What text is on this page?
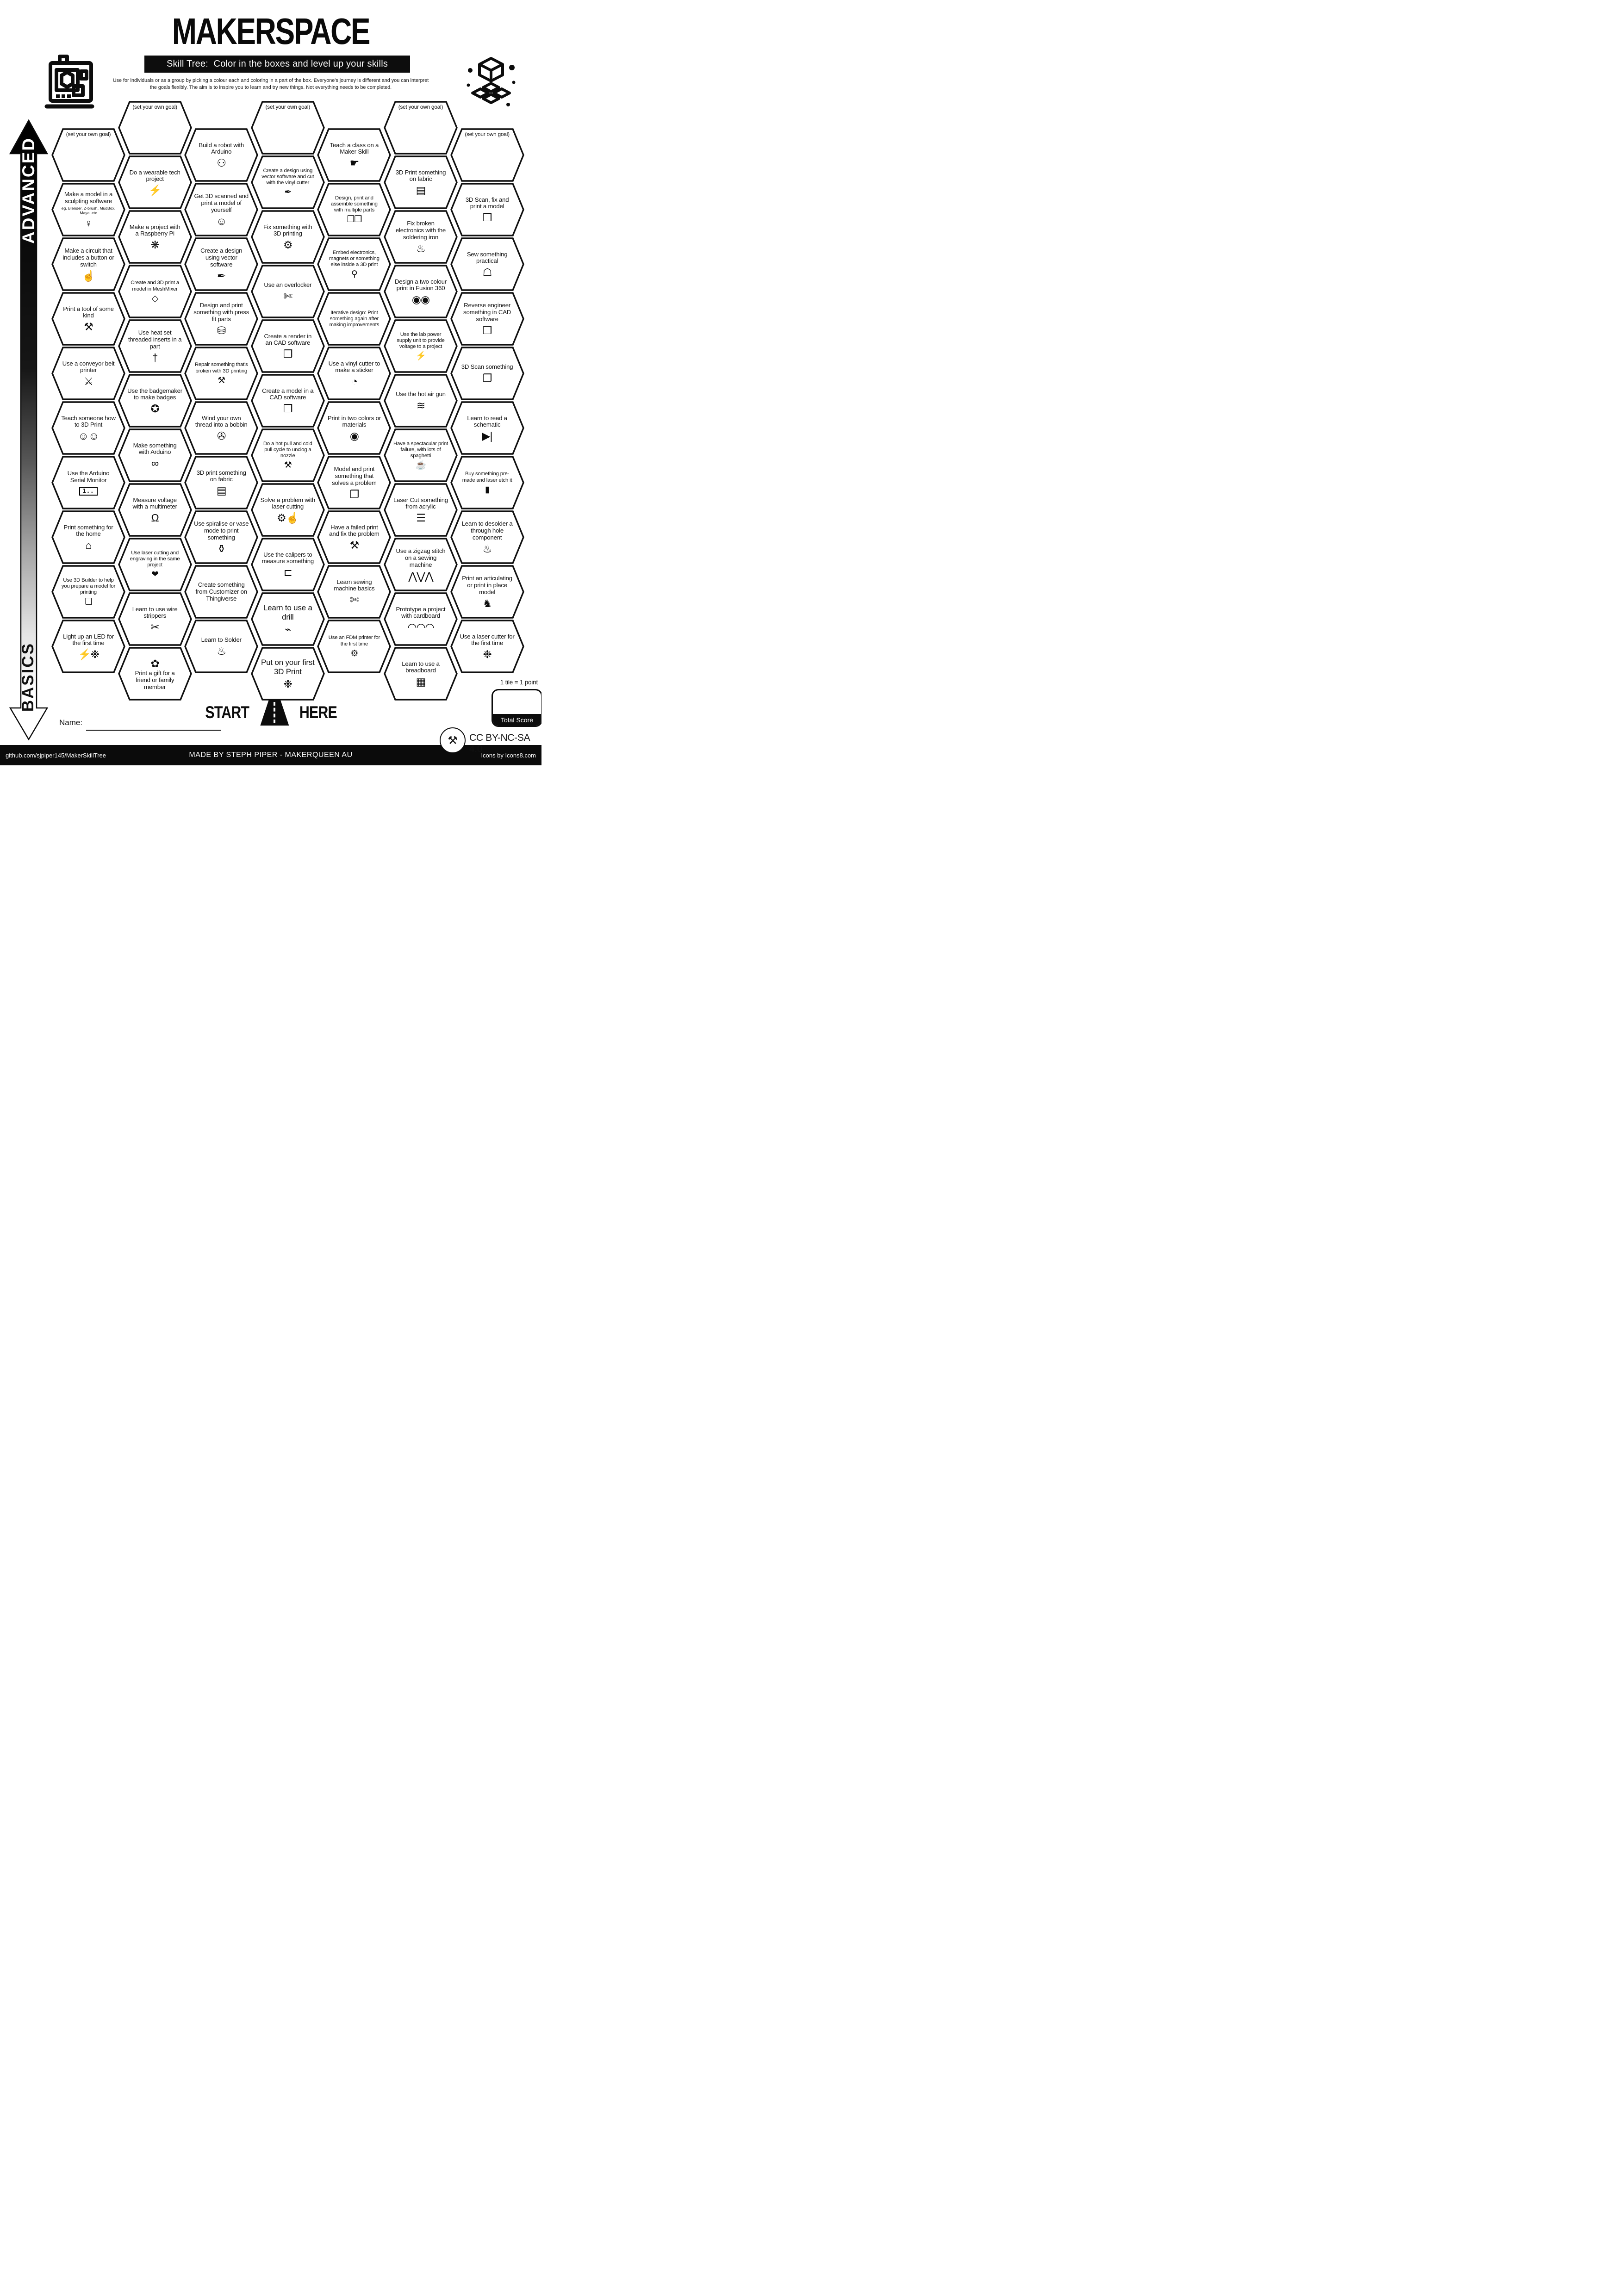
MAKERSPACE
Skill Tree:  Color in the boxes and level up your skills
Use for individuals or as a group by picking a colour each and coloring in a part of the box. Everyone's journey is different and you can interpret the goals flexibly. The aim is to inspire you to learn and try new things. Not everything needs to be completed.
ADVANCED
BASICS
(set your own goal)
Make a model in a sculpting software
eg. Blender, Z-brush, MudBox, Maya, etc
♀
Make a circuit that includes a button or switch
☝
Print a tool of some kind
⚒
Use a conveyor belt printer
⚔
Teach someone how to 3D Print
☺☺
Use the Arduino Serial Monitor
1..
Print something for the home
⌂
Use 3D Builder to help you prepare a model for printing
❏
Light up an LED for the first time
⚡❉
(set your own goal)
Do a wearable tech project
⚡
Make a project with a Raspberry Pi
❋
Create and 3D print a model in MeshMixer
◇
Use heat set threaded inserts in a part
†
Use the badgemaker to make badges
✪
Make something with Arduino
∞
Measure voltage with a multimeter
Ω
Use laser cutting and engraving in the same project
❤
Learn to use wire strippers
✂
✿
Print a gift for a friend or family member
Build a robot with Arduino
⚇
Get 3D scanned and print a model of yourself
☺
Create a design using vector software
✒
Design and print something with press fit parts
⛁
Repair something that's broken with 3D printing
⚒
Wind your own thread into a bobbin
✇
3D print something on fabric
▤
Use spiralise or vase mode to print something
⚱
Create something from Customizer on Thingiverse
Learn to Solder
♨
(set your own goal)
Create a design using vector software and cut with the vinyl cutter
✒
Fix something with 3D printing
⚙
Use an overlocker
✄
Create a render in an CAD software
❒
Create a model in a CAD software
❒
Do a hot pull and cold pull cycle to unclog a nozzle
⚒
Solve a problem with laser cutting
⚙☝
Use the calipers to measure something
⊏
Learn to use a drill
⌁
Put on your first 3D Print
❉
Teach a class on a Maker Skill
☛
Design, print and assemble something with multiple parts
❒❒
Embed electronics, magnets or something else inside a 3D print
⚲
Iterative design: Print something again after making improvements
Use a vinyl cutter to make a sticker
◔
Print in two colors or materials
◉
Model and print something that solves a problem
❒
Have a failed print and fix the problem
⚒
Learn sewing machine basics
✄
Use an FDM printer for the first time
⚙
(set your own goal)
3D Print something on fabric
▤
Fix broken electronics with the soldering iron
♨
Design a two colour print in Fusion 360
◉◉
Use the lab power supply unit to provide voltage to a project
⚡
Use the hot air gun
≋
Have a spectacular print failure, with lots of spaghetti
☕
Laser Cut something from acrylic
☰
Use a zigzag stitch on a sewing machine
⋀⋁⋀
Prototype a project with cardboard
◠◠◠
Learn to use a breadboard
▦
(set your own goal)
3D Scan, fix and print a model
❒
Sew something practical
☖
Reverse engineer something in CAD software
❒
3D Scan something
❒
Learn to read a schematic
▶|
Buy something pre-made and laser etch it
▮
Learn to desolder a through hole component
♨
Print an articulating or print in place model
♞
Use a laser cutter for the first time
❉
START	HERE
Name:
1 tile = 1 point
Total Score
⚒ CC BY-NC-SA 4.0
github.com/sjpiper145/MakerSkillTree	MADE BY STEPH PIPER - MAKERQUEEN AU	Icons by Icons8.com
